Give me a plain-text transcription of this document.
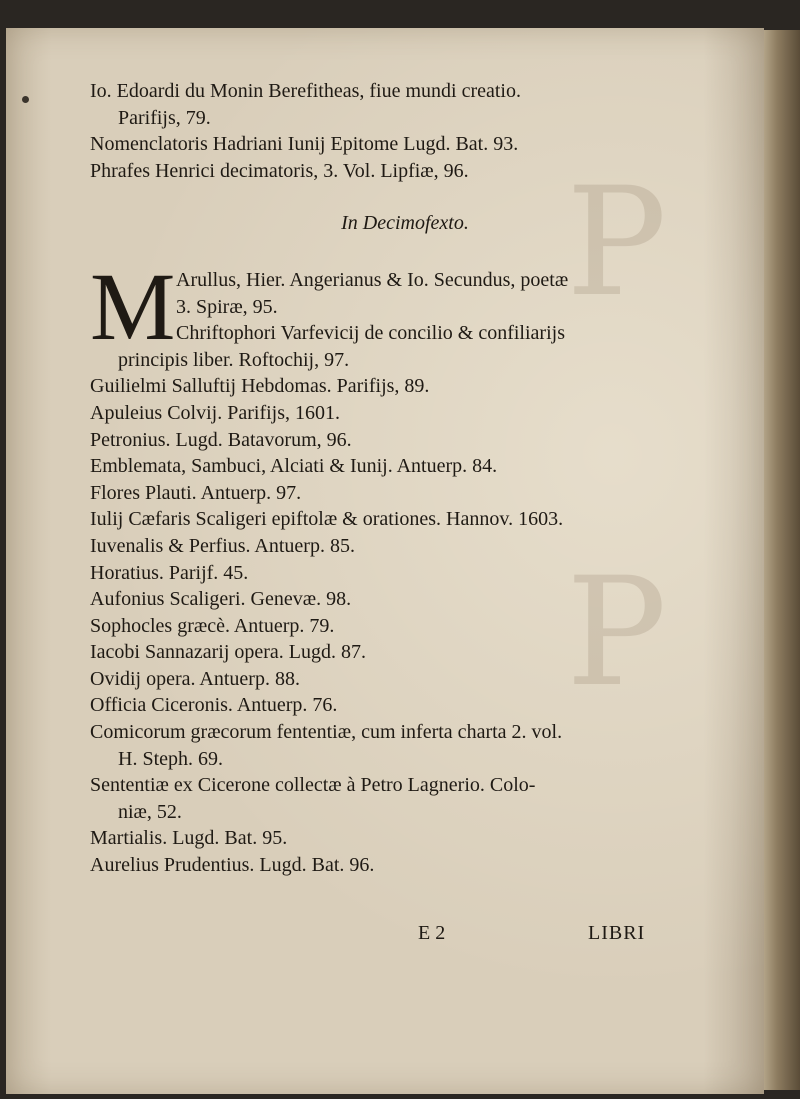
P
P
Io. Edoardi du Monin Berefitheas, fiue mundi creatio.
Parifijs, 79.
Nomenclatoris Hadriani Iunij Epitome Lugd. Bat. 93.
Phrafes Henrici decimatoris, 3. Vol. Lipfiæ, 96.
In Decimofexto.
M Arullus, Hier. Angerianus & Io. Secundus, poetæ
3. Spiræ, 95.
Chriftophori Varfevicij de concilio & confiliarijs
principis liber. Roftochij, 97.
Guilielmi Salluftij Hebdomas. Parifijs, 89.
Apuleius Colvij. Parifijs, 1601.
Petronius. Lugd. Batavorum, 96.
Emblemata, Sambuci, Alciati & Iunij. Antuerp. 84.
Flores Plauti. Antuerp. 97.
Iulij Cæfaris Scaligeri epiftolæ & orationes. Hannov. 1603.
Iuvenalis & Perfius. Antuerp. 85.
Horatius. Parijf. 45.
Aufonius Scaligeri. Genevæ. 98.
Sophocles græcè. Antuerp. 79.
Iacobi Sannazarij opera. Lugd. 87.
Ovidij opera. Antuerp. 88.
Officia Ciceronis. Antuerp. 76.
Comicorum græcorum fententiæ, cum inferta charta 2. vol.
H. Steph. 69.
Sententiæ ex Cicerone collectæ à Petro Lagnerio. Colo-
niæ, 52.
Martialis. Lugd. Bat. 95.
Aurelius Prudentius. Lugd. Bat. 96.
E 2	LIBRI
